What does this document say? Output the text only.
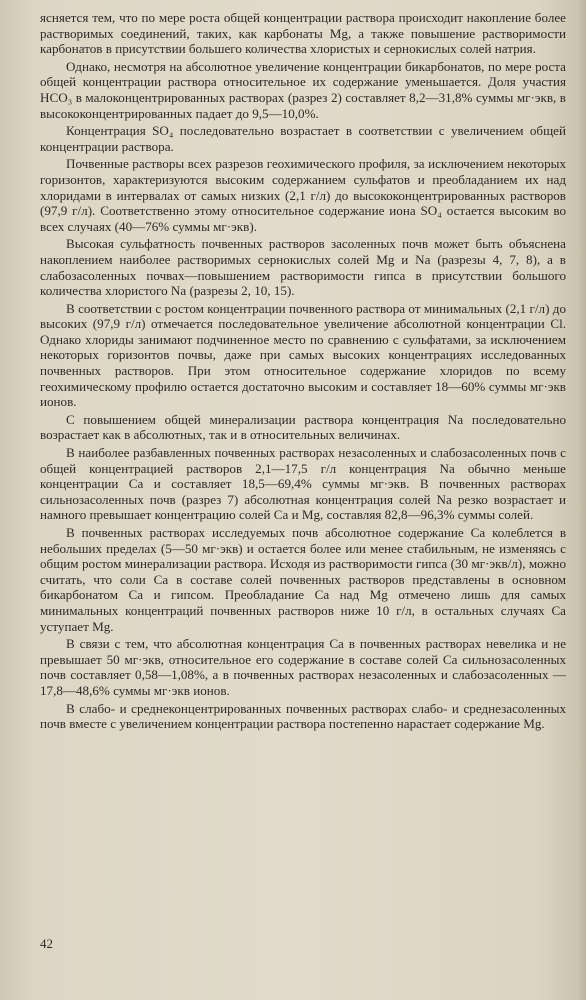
ясняется тем, что по мере роста общей концентрации раствора происходит накопление более растворимых соединений, таких, как карбонаты Mg, а также повышение растворимости карбонатов в присутствии большего количества хлористых и сернокислых солей натрия.

Однако, несмотря на абсолютное увеличение концентрации бикарбонатов, по мере роста общей концентрации раствора относительное их содержание уменьшается. Доля участия HCO₃ в малоконцентрированных растворах (разрез 2) составляет 8,2—31,8% суммы мг·экв, в высококонцентрированных падает до 9,5—10,0%.

Концентрация SO₄ последовательно возрастает в соответствии с увеличением общей концентрации раствора.

Почвенные растворы всех разрезов геохимического профиля, за исключением некоторых горизонтов, характеризуются высоким содержанием сульфатов и преобладанием их над хлоридами в интервалах от самых низких (2,1 г/л) до высококонцентрированных растворов (97,9 г/л). Соответственно этому относительное содержание иона SO₄ остается высоким во всех случаях (40—76% суммы мг·экв).

Высокая сульфатность почвенных растворов засоленных почв может быть объяснена накоплением наиболее растворимых сернокислых солей Mg и Na (разрезы 4, 7, 8), а в слабозасоленных почвах—повышением растворимости гипса в присутствии большого количества хлористого Na (разрезы 2, 10, 15).

В соответствии с ростом концентрации почвенного раствора от минимальных (2,1 г/л) до высоких (97,9 г/л) отмечается последовательное увеличение абсолютной концентрации Cl. Однако хлориды занимают подчиненное место по сравнению с сульфатами, за исключением некоторых горизонтов почвы, даже при самых высоких концентрациях исследованных почвенных растворов. При этом относительное содержание хлоридов по всему геохимическому профилю остается достаточно высоким и составляет 18—60% суммы мг·экв ионов.

С повышением общей минерализации раствора концентрация Na последовательно возрастает как в абсолютных, так и в относительных величинах.

В наиболее разбавленных почвенных растворах незасоленных и слабозасоленных почв с общей концентрацией растворов 2,1—17,5 г/л концентрация Na обычно меньше концентрации Ca и составляет 18,5—69,4% суммы мг·экв. В почвенных растворах сильнозасоленных почв (разрез 7) абсолютная концентрация солей Na резко возрастает и намного превышает концентрацию солей Ca и Mg, составляя 82,8—96,3% суммы солей.

В почвенных растворах исследуемых почв абсолютное содержание Ca колеблется в небольших пределах (5—50 мг·экв) и остается более или менее стабильным, не изменяясь с общим ростом минерализации раствора. Исходя из растворимости гипса (30 мг·экв/л), можно считать, что соли Ca в составе солей почвенных растворов представлены в основном бикарбонатом Ca и гипсом. Преобладание Ca над Mg отмечено лишь для самых минимальных концентраций почвенных растворов ниже 10 г/л, в остальных случаях Ca уступает Mg.

В связи с тем, что абсолютная концентрация Ca в почвенных растворах невелика и не превышает 50 мг·экв, относительное его содержание в составе солей Ca сильнозасоленных почв составляет 0,58—1,08%, а в почвенных растворах незасоленных и слабозасоленных — 17,8—48,6% суммы мг·экв ионов.

В слабо- и среднеконцентрированных почвенных растворах слабо- и среднезасоленных почв вместе с увеличением концентрации раствора постепенно нарастает содержание Mg.

42
